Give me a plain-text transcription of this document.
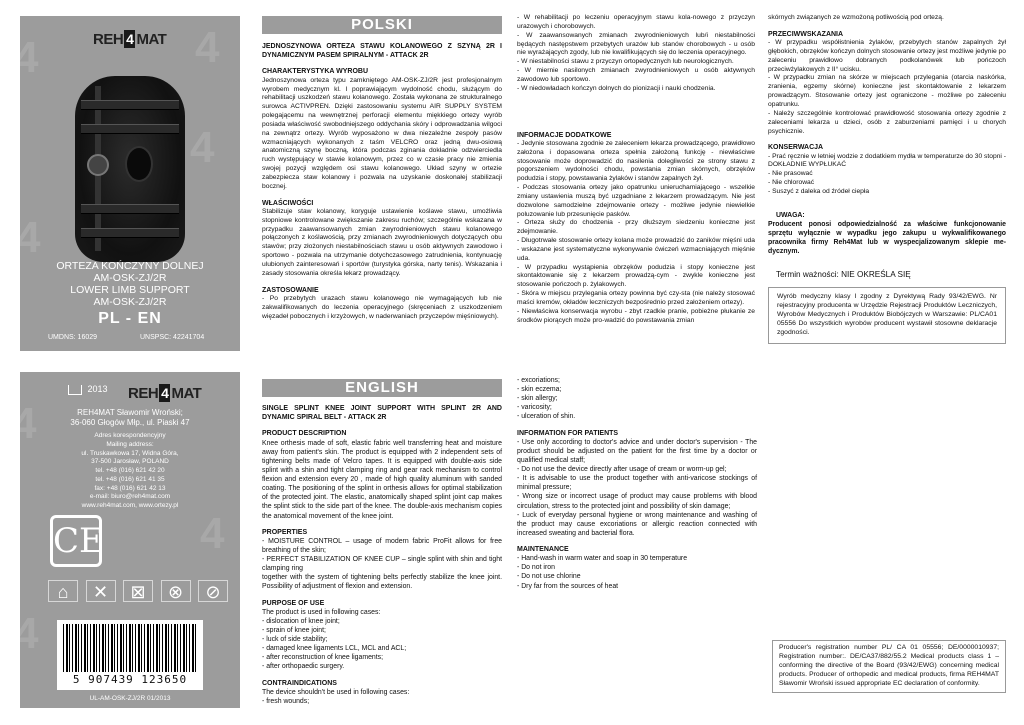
4
4
4
4
REH 4 MAT
ORTEZA KOŃCZYNY DOLNEJ
AM-OSK-ZJ/2R
LOWER LIMB SUPPORT
AM-OSK-ZJ/2R
PL - EN
UMDNS: 16029	UNSPSC: 42241704
4
4
4
2013 REH 4 MAT
REH4MAT Sławomir Wroński;
36-060 Głogów Młp., ul. Piaski 47
Adres korespondencyjny
Mailing address:
ul. Truskawkowa 17, Widna Góra,
37-500 Jarosław, POLAND
tel. +48 (016) 621 42 20
tel. +48 (016) 621 41 35
fax: +48 (016) 621 42 13
e-mail: biuro@reh4mat.com
www.reh4mat.com, www.ortezy.pl
CE
⌂	✕	⊠	⊗	⊘
5 907439 123650
UL-AM-OSK-ZJ/2R 01/2013
POLSKI
JEDNOSZYNOWA ORTEZA STAWU KOLANOWEGO Z SZYNĄ 2R I DYNAMICZNYM PASEM SPIRALNYM - ATTACK 2R
CHARAKTERYSTYKA WYROBU

Jednoszynowa orteza typu zamkniętego AM-OSK-ZJ/2R jest profesjonalnym wyrobem medycznym kl. I poprawiającym wydolność chodu, służącym do rehabilitacji uszkodzeń stawu kolanowego. Została wykonana ze strukturalnego surowca ACTIVPREN. Dzięki zastosowaniu systemu AIR SUPPLY SYSTEM polegającemu na wewnętrznej perforacji elementu miękkiego ortezy wyrób posiada właściwość swobodniejszego oddychania skóry i odprowadzania wilgoci na zewnątrz ortezy. Wyrób wyposażono w dwa niezależne zespoły pasów wzmacniających wykonanych z taśm VELCRO oraz jedną dwu-osiową anatomiczną szynę boczną, która podczas zginania dokładnie odzwierciedla ruch występujący w stawie kolanowym, przez co w czasie pracy nie zmienia swojej pozycji względem osi stawu kolanowego. Układ szyny w ortezie zabezpiecza staw kolanowy i pozwala na uzyskanie doskonałej stabilizacji bocznej.

WŁAŚCIWOŚCI

Stabilizuje staw kolanowy, koryguje ustawienie koślawe stawu, umożliwia stopniowe kontrolowane zwiększanie zakresu ruchów; szczególnie wskazana w przypadku zaawansowanych zmian zwyrodnieniowych stawu kolanowego połączonych z koślawością, przy zmianach zwyrodnieniowych dotyczących obu stawów; przy złożonych niestabilnościach stawu u osób aktywnych zawodowo i sportowo - pozwala na utrzymanie dotychczasowego zatrudnienia, kontynuację ulubionych zainteresowań i sportów (turystyka górska, narty tenis). Wskazania i zasady stosowania określa lekarz prowadzący.

ZASTOSOWANIE

- Po przebytych urazach stawu kolanowego nie wymagających lub nie zakwalifikowanych do leczenia operacyjnego (skręceniach z uszkodzeniem więzadeł pobocznych i krzyżowych, w naderwaniach przyczepów mięśniowych).

- W rehabilitacji po leczeniu operacyjnym stawu kola-nowego z przyczyn urazowych i chorobowych.

- W zaawansowanych zmianach zwyrodnieniowych lub/i niestabilności będących następstwem przebytych urazów lub stanów chorobowych - u osób nie wyrażających zgody, lub nie kwalifikujących się do leczenia operacyjnego.

- W niestabilności stawu z przyczyn ortopedycznych lub neurologicznych.

- W miernie nasilonych zmianach zwyrodnieniowych u osób aktywnych zawodowo lub sportowo.

- W niedowładach kończyn dolnych do pionizacji i nauki chodzenia.

INFORMACJE DODATKOWE

- Jedynie stosowana zgodnie ze zaleceniem lekarza prowadzącego, prawidłowo założona i dopasowana orteza spełnia założoną funkcję - niewłaściwe stosowanie może doprowadzić do nasilenia dolegliwości ze strony stawu z pogorszeniem wydolności chodu, powstania zmian skórnych, obrzęków podudzia i stopy, powstawania żylaków i stanów zapalnych żył.

- Podczas stosowania ortezy jako opatrunku unieruchamiającego - wszelkie zmiany ustawienia muszą być uzgadniane z lekarzem prowadzącym. Nie jest dozwolone samodzielne zdejmowanie ortezy - możliwe jedynie niewielkie poluzowanie lub przesunięcie pasków.

- Orteza służy do chodzenia - przy dłuższym siedzeniu konieczne jest zdejmowanie.

- Długotrwałe stosowanie ortezy kolana może prowadzić do zaników mięśni uda - wskazane jest systematyczne wykonywanie ćwiczeń wzmacniających mięśnie uda.

- W przypadku wystąpienia obrzęków podudzia i stopy konieczne jest skontaktowanie się z lekarzem prowadzą-cym - zwykle konieczne jest stosowanie pończoch p. żylakowych.

- Skóra w miejscu przylegania ortezy powinna być czy-sta (nie należy stosować maści kremów, okładów leczniczych bezpośrednio przed założeniem ortezy).

- Niewłaściwa konserwacja wyrobu - zbyt rzadkie pranie, pobieżne płukanie ze środków piorących może pro-wadzić do powstawania zmian

skórnych związanych ze wzmożoną potliwością pod ortezą.

PRZECIWWSKAZANIA

- W przypadku współistnienia żylaków, przebytych stanów zapalnych żył głębokich, obrzęków kończyn dolnych stosowanie ortezy jest możliwe jedynie po zaleceniu prawidłowo dobranych podkolanówek lub pończoch przeciwżylakowych z II° ucisku.

- W przypadku zmian na skórze w miejscach przylegania (otarcia naskórka, zranienia, egzemy skórne) konieczne jest skontaktowanie z lekarzem prowadzącym. Stosowanie ortezy jest ograniczone - możliwe po zaleceniu opatrunku.

- Należy szczególnie kontrolować prawidłowość stosowania ortezy zgodnie z zaleceniami lekarza u dzieci, osób z zaburzeniami pamięci i u chorych psychicznie.

KONSERWACJA

- Prać ręcznie w letniej wodzie z dodatkiem mydła w temperaturze do 30 stopni - DOKŁADNIE WYPŁUKAĆ

- Nie prasować

- Nie chlorować

- Suszyć z daleka od źródeł ciepła

UWAGA:
Producent ponosi odpowiedzialność za właściwe funkcjonowanie sprzętu wyłącznie w wypadku jego zakupu u wykwalifikowanego pracownika firmy Reh4Mat lub w wyspecjalizowanym sklepie me-dycznym.
Termin ważności: NIE OKREŚLA SIĘ
Wyrób medyczny klasy I zgodny z Dyrektywą Rady 93/42/EWG. Nr rejestracyjny producenta w Urzędzie Rejestracji Produktów Leczniczych, Wyrobów Medycznych i Produktów Biobójczych w Warszawie: PL/CA01 05556 Do wszystkich wyrobów producent wystawił stosowne deklaracje zgodności.
ENGLISH
SINGLE SPLINT KNEE JOINT SUPPORT WITH SPLINT 2R AND DYNAMIC SPIRAL BELT - ATTACK 2R
PRODUCT DESCRIPTION

Knee orthesis made of soft, elastic fabric well transferring heat and moisture away from patient's skin. The product is equipped with 2 independent sets of tightening belts made of Velcro tapes. It is equipped with double-axis side splint with a shin and tight clamping ring and gear rack mechanism to control flexion and extension every 20 , made of high quality aluminum with sanded coating. The positioning of the splint in orthesis allows for optimal stabilization of the protected joint. The elastic, anatomically shaped splint joint cap makes the splint stick to the side part of the knee. The double-axis mechanism copies the anatomical movement of the knee joint.

PROPERTIES

- MOISTURE CONTROL – usage of modern fabric ProFit allows for free breathing of the skin;

- PERFECT STABILIZATION OF KNEE CUP – single splint with shin and tight clamping ring

together with the system of tightening belts perfectly stabilize the knee joint. Possibility of adjustment of flexion and extension.

PURPOSE OF USE

The product is used in following cases:

- dislocation of knee joint;

- sprain of knee joint;

- luck of side stability;

- damaged knee ligaments LCL, MCL and ACL;

- after reconstruction of knee ligaments;

- after orthopaedic surgery.

CONTRAINDICATIONS

The device shouldn't be used in following cases:

- fresh wounds;

- excoriations;

- skin eczema;

- skin allergy;

- varicosity;

- ulceration of shin.

INFORMATION FOR PATIENTS

- Use only according to doctor's advice and under doctor's supervision - The product should be adjusted on the patient for the first time by a doctor or qualified medical staff;

- Do not use the device directly after usage of cream or worm-up gel;

- It is advisable to use the product together with anti-varicose stockings of minimal pressure;

- Wrong size or incorrect usage of product may cause problems with blood circulation, stress to the protected joint and possibility of skin damage;

- Luck of everyday personal hygiene or wrong maintenance and washing of the product may cause excoriations or allergic reaction connected with increased sweating and bacterial flora.

MAINTENANCE

- Hand-wash in warm water and soap in 30 temperature

- Do not iron

- Do not use chlorine

- Dry far from the sources of heat

Producer's registration number PL/ CA 01 05556; DE/0000010937; Registration number:. DE/CA37/882/55.2 Medical products class 1 – conforming the directive of the Board (93/42/EWG) concerning medical products. Producer of orthopedic and medical products, firma REH4MAT Sławomir Wroński issued appropriate EC declaration of conformity.
